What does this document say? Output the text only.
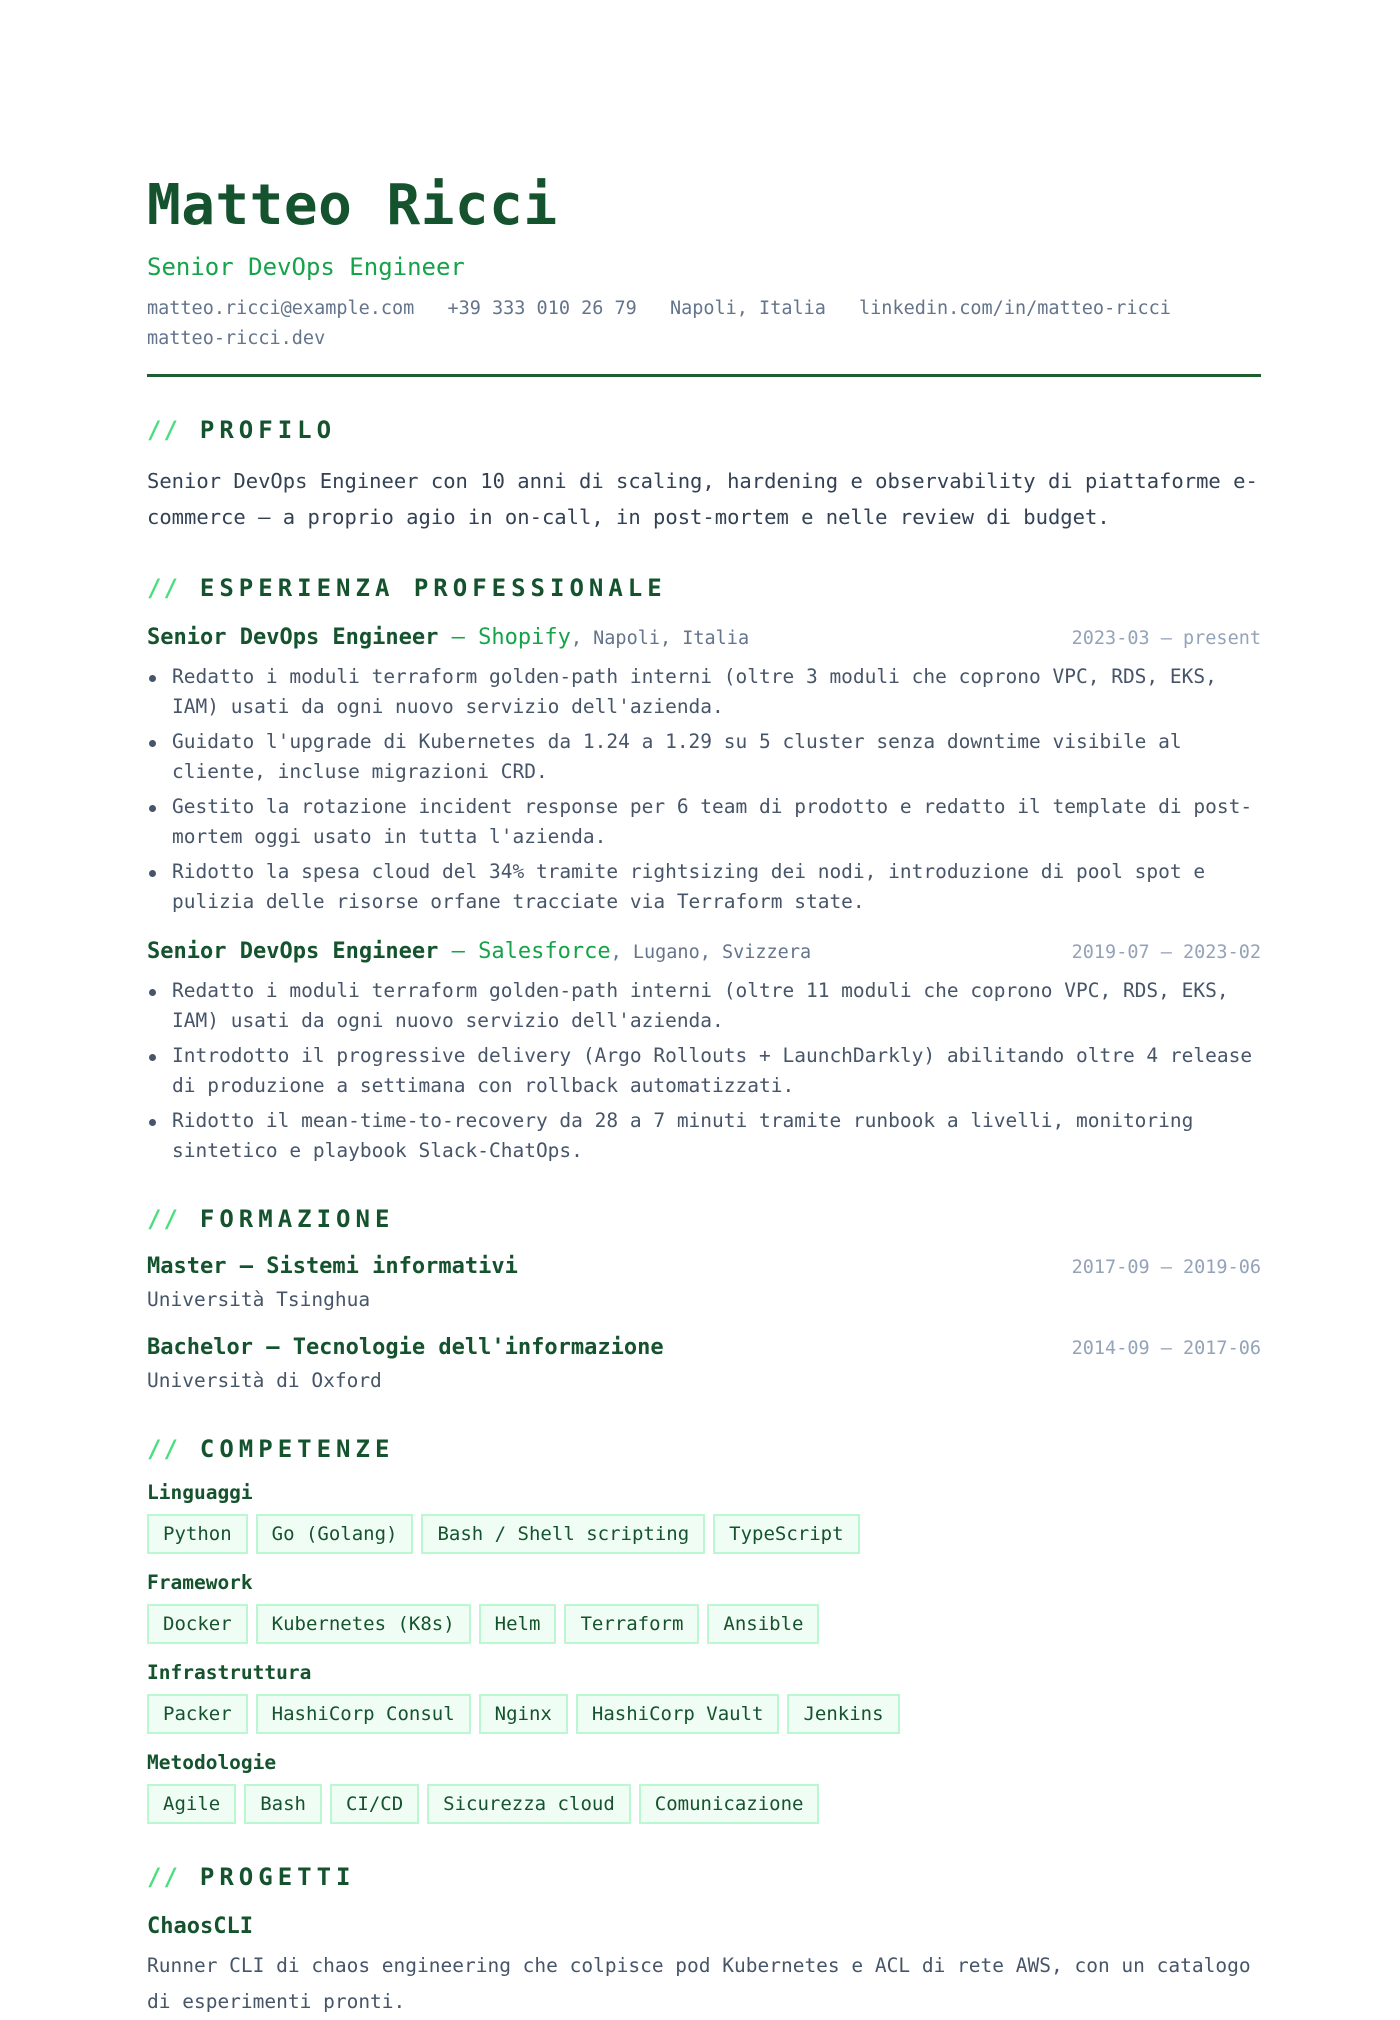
Matteo Ricci
Senior DevOps Engineer
matteo.ricci@example.com +39 333 010 26 79 Napoli, Italia linkedin.com/in/matteo-ricci matteo-ricci.dev
// PROFILO
Senior DevOps Engineer con 10 anni di scaling, hardening e observability di piattaforme e-commerce — a proprio agio in on-call, in post-mortem e nelle review di budget.
// ESPERIENZA PROFESSIONALE
Senior DevOps Engineer — Shopify, Napoli, Italia	2023-03 – present
Redatto i moduli terraform golden-path interni (oltre 3 moduli che coprono VPC, RDS, EKS, IAM) usati da ogni nuovo servizio dell'azienda.
Guidato l'upgrade di Kubernetes da 1.24 a 1.29 su 5 cluster senza downtime visibile al cliente, incluse migrazioni CRD.
Gestito la rotazione incident response per 6 team di prodotto e redatto il template di post-mortem oggi usato in tutta l'azienda.
Ridotto la spesa cloud del 34% tramite rightsizing dei nodi, introduzione di pool spot e pulizia delle risorse orfane tracciate via Terraform state.
Senior DevOps Engineer — Salesforce, Lugano, Svizzera	2019-07 – 2023-02
Redatto i moduli terraform golden-path interni (oltre 11 moduli che coprono VPC, RDS, EKS, IAM) usati da ogni nuovo servizio dell'azienda.
Introdotto il progressive delivery (Argo Rollouts + LaunchDarkly) abilitando oltre 4 release di produzione a settimana con rollback automatizzati.
Ridotto il mean-time-to-recovery da 28 a 7 minuti tramite runbook a livelli, monitoring sintetico e playbook Slack-ChatOps.
// FORMAZIONE
Master — Sistemi informativi	2017-09 – 2019-06
Università Tsinghua
Bachelor — Tecnologie dell'informazione	2014-09 – 2017-06
Università di Oxford
// COMPETENZE
Linguaggi
Python	Go (Golang)	Bash / Shell scripting	TypeScript
Framework
Docker	Kubernetes (K8s)	Helm	Terraform	Ansible
Infrastruttura
Packer	HashiCorp Consul	Nginx	HashiCorp Vault	Jenkins
Metodologie
Agile	Bash	CI/CD	Sicurezza cloud	Comunicazione
// PROGETTI
ChaosCLI
Runner CLI di chaos engineering che colpisce pod Kubernetes e ACL di rete AWS, con un catalogo di esperimenti pronti.
